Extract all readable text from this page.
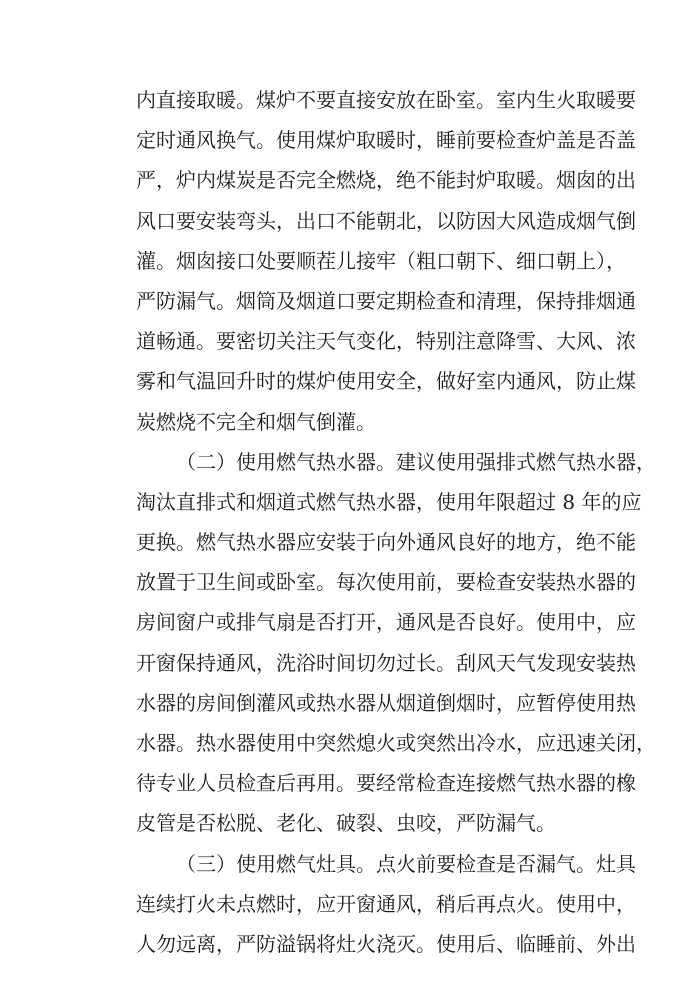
内直接取暖。煤炉不要直接安放在卧室。室内生火取暖要
定时通风换气。使用煤炉取暖时，睡前要检查炉盖是否盖
严，炉内煤炭是否完全燃烧，绝不能封炉取暖。烟囱的出
风口要安装弯头，出口不能朝北，以防因大风造成烟气倒
灌。烟囱接口处要顺茬儿接牢（粗口朝下、细口朝上），
严防漏气。烟筒及烟道口要定期检查和清理，保持排烟通
道畅通。要密切关注天气变化，特别注意降雪、大风、浓
雾和气温回升时的煤炉使用安全，做好室内通风，防止煤
炭燃烧不完全和烟气倒灌。
（二）使用燃气热水器。建议使用强排式燃气热水器，
淘汰直排式和烟道式燃气热水器，使用年限超过 8 年的应
更换。燃气热水器应安装于向外通风良好的地方，绝不能
放置于卫生间或卧室。每次使用前，要检查安装热水器的
房间窗户或排气扇是否打开，通风是否良好。使用中，应
开窗保持通风，洗浴时间切勿过长。刮风天气发现安装热
水器的房间倒灌风或热水器从烟道倒烟时，应暂停使用热
水器。热水器使用中突然熄火或突然出冷水，应迅速关闭，
待专业人员检查后再用。要经常检查连接燃气热水器的橡
皮管是否松脱、老化、破裂、虫咬，严防漏气。
（三）使用燃气灶具。点火前要检查是否漏气。灶具
连续打火未点燃时，应开窗通风，稍后再点火。使用中，
人勿远离，严防溢锅将灶火浇灭。使用后、临睡前、外出
